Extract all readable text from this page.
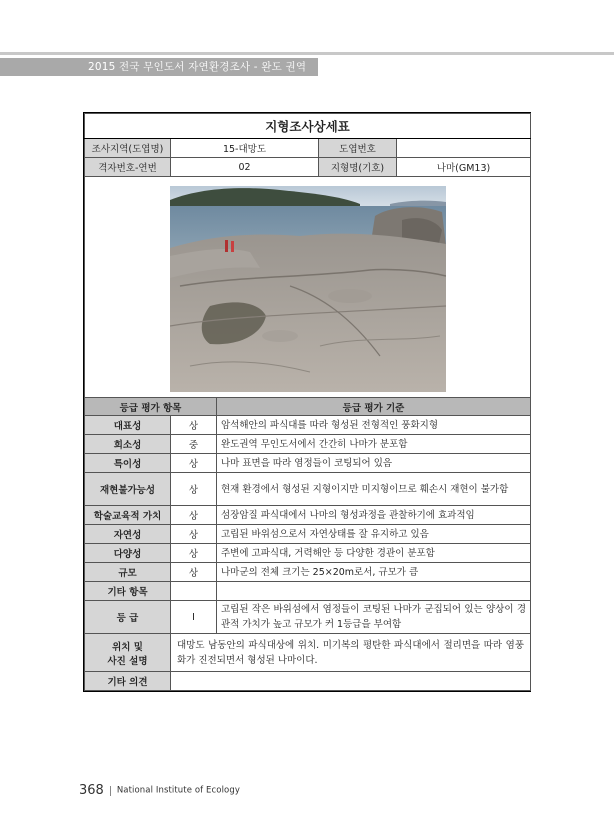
2015 전국 무인도서 자연환경조사 - 완도 권역
지형조사상세표				
조사지역(도엽명)	15-대망도		도엽번호	
격자번호-연번	02		지형명(기호)	나마(GM13)

등급 평가 항목		등급 평가 기준		
대표성	상	암석해안의 파식대를 따라 형성된 전형적인 풍화지형		
희소성	중	완도권역 무인도서에서 간간히 나마가 분포함		
특이성	상	나마 표면을 따라 염정들이 코팅되어 있음		
재현불가능성	상	현재 환경에서 형성된 지형이지만 미지형이므로 훼손시 재현이 불가함		
학술교육적 가치	상	섬장암질 파식대에서 나마의 형성과정을 관찰하기에 효과적임		
자연성	상	고립된 바위섬으로서 자연상태를 잘 유지하고 있음		
다양성	상	주변에 고파식대, 거력해안 등 다양한 경관이 분포함		
규모	상	나마군의 전체 크기는 25×20m로서, 규모가 큼		
기타 항목				
등 급	I	고립된 작은 바위섬에서 염정들이 코팅된 나마가 군집되어 있는 양상이 경관적 가치가 높고 규모가 커 1등급을 부여함		

위치 및
사진 설명	대망도 남동안의 파식대상에 위치. 미기복의 평탄한 파식대에서 절리면을 따라 염풍화가 진전되면서 형성된 나마이다.			
기타 의견				
368 National Institute of Ecology
